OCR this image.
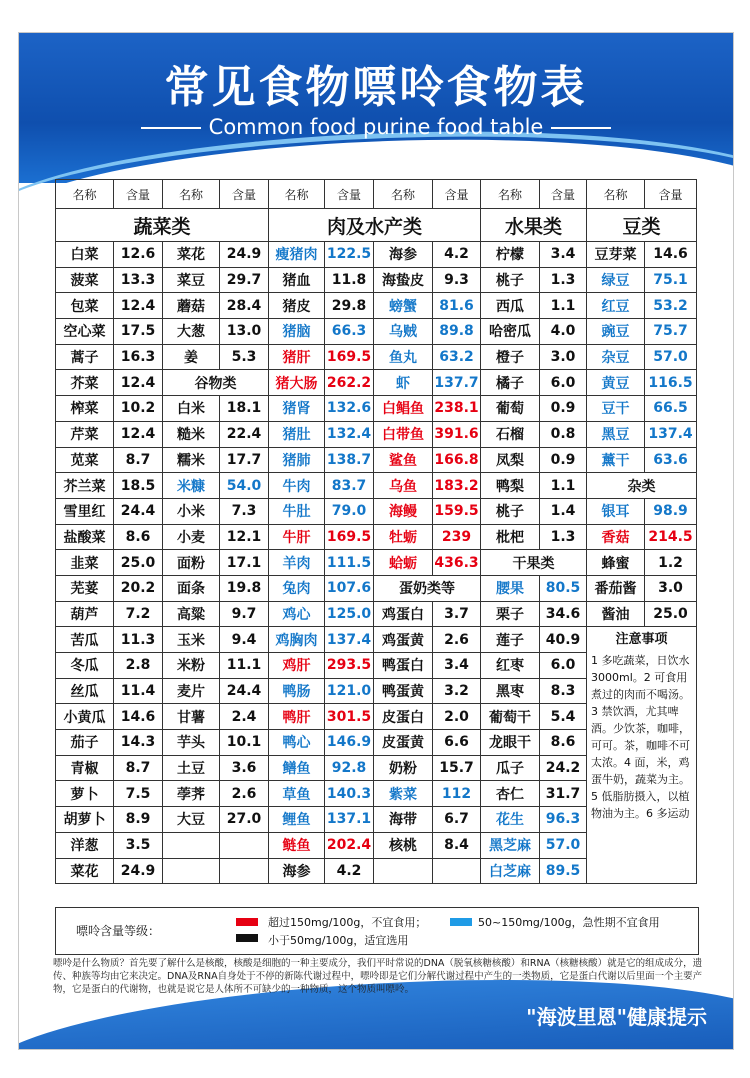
常见食物嘌呤食物表
Common food purine food table
名称	含量	名称	含量	名称	含量	名称	含量	名称	含量	名称	含量
蔬菜类				肉及水产类				水果类		豆类	
白菜	12.6	菜花	24.9	瘦猪肉	122.5	海参	4.2	柠檬	3.4	豆芽菜	14.6
菠菜	13.3	菜豆	29.7	猪血	11.8	海蛰皮	9.3	桃子	1.3	绿豆	75.1
包菜	12.4	蘑菇	28.4	猪皮	29.8	螃蟹	81.6	西瓜	1.1	红豆	53.2
空心菜	17.5	大葱	13.0	猪脑	66.3	乌贼	89.8	哈密瓜	4.0	豌豆	75.7
蒿子	16.3	姜	5.3	猪肝	169.5	鱼丸	63.2	橙子	3.0	杂豆	57.0
芥菜	12.4	谷物类		猪大肠	262.2	虾	137.7	橘子	6.0	黄豆	116.5
榨菜	10.2	白米	18.1	猪肾	132.6	白鲳鱼	238.1	葡萄	0.9	豆干	66.5
芹菜	12.4	糙米	22.4	猪肚	132.4	白带鱼	391.6	石榴	0.8	黑豆	137.4
苋菜	8.7	糯米	17.7	猪肺	138.7	鲨鱼	166.8	凤梨	0.9	薰干	63.6
芥兰菜	18.5	米糠	54.0	牛肉	83.7	乌鱼	183.2	鸭梨	1.1	杂类	
雪里红	24.4	小米	7.3	牛肚	79.0	海鳗	159.5	桃子	1.4	银耳	98.9
盐酸菜	8.6	小麦	12.1	牛肝	169.5	牡蛎	239	枇杷	1.3	香菇	214.5
韭菜	25.0	面粉	17.1	羊肉	111.5	蛤蛎	436.3	干果类		蜂蜜	1.2
芜荽	20.2	面条	19.8	兔肉	107.6	蛋奶类等		腰果	80.5	番茄酱	3.0
葫芦	7.2	高粱	9.7	鸡心	125.0	鸡蛋白	3.7	栗子	34.6	酱油	25.0
苦瓜	11.3	玉米	9.4	鸡胸肉	137.4	鸡蛋黄	2.6	莲子	40.9	注意事项
1 多吃蔬菜，日饮水3000ml。2 可食用煮过的肉而不喝汤。3 禁饮酒，尤其啤酒。少饮茶，咖啡，可可。茶，咖啡不可太浓。4 面，米，鸡蛋牛奶，蔬菜为主。5 低脂肪摄入，以植物油为主。6 多运动	
冬瓜	2.8	米粉	11.1	鸡肝	293.5	鸭蛋白	3.4	红枣	6.0		
丝瓜	11.4	麦片	24.4	鸭肠	121.0	鸭蛋黄	3.2	黑枣	8.3		
小黄瓜	14.6	甘薯	2.4	鸭肝	301.5	皮蛋白	2.0	葡萄干	5.4		
茄子	14.3	芋头	10.1	鸭心	146.9	皮蛋黄	6.6	龙眼干	8.6		
青椒	8.7	土豆	3.6	鳝鱼	92.8	奶粉	15.7	瓜子	24.2		
萝卜	7.5	荸荠	2.6	草鱼	140.3	紫菜	112	杏仁	31.7		
胡萝卜	8.9	大豆	27.0	鲤鱼	137.1	海带	6.7	花生	96.3		
洋葱	3.5			鲢鱼	202.4	核桃	8.4	黑芝麻	57.0		
菜花	24.9			海参	4.2			白芝麻	89.5		
嘌呤含量等级：
超过150mg/100g，不宜食用；
小于50mg/100g，适宜选用
50~150mg/100g，急性期不宜食用
嘌呤是什么物质？首先要了解什么是核酸，核酸是细胞的一种主要成分，我们平时常说的DNA（脱氧核糖核酸）和RNA（核糖核酸）就是它的组成成分，遗传、种族等均由它来决定。DNA及RNA自身处于不停的新陈代谢过程中，嘌呤即是它们分解代谢过程中产生的一类物质，它是蛋白代谢以后里面一个主要产物，它是蛋白的代谢物，也就是说它是人体所不可缺少的一种物质，这个物质叫嘌呤。
"海波里恩"健康提示
